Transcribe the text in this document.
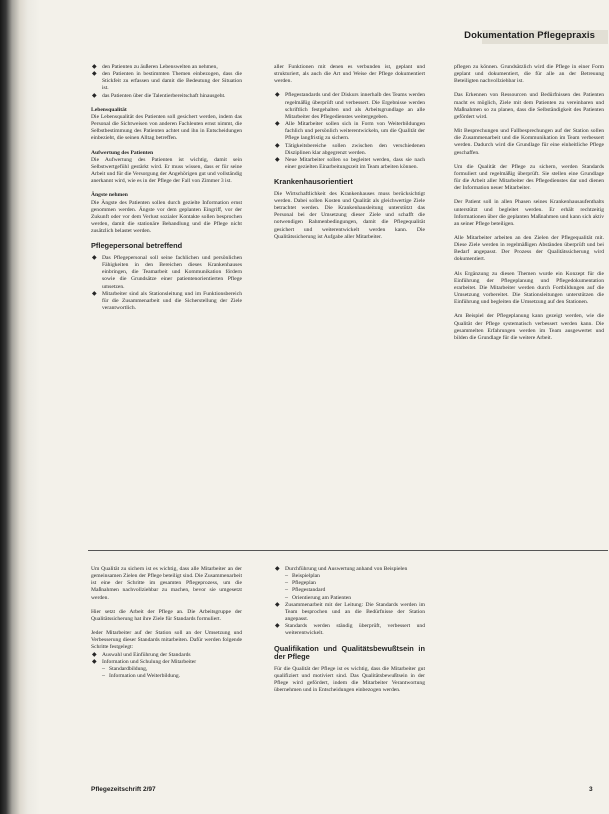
Dokumentation Pflegepraxis
◆ den Patienten zu äußeren Lebenswelten an nehmen,
◆ den Patienten in bestimmten Themen einbezogen, dass die Stickfeit zu erfassen und damit die Bedeutung der Situation ist.
◆ das Patienten über die Talentierbereitschaft hinausgeht.

Lebensqualität

Die Lebensqualität des Patienten soll gesichert werden, indem das Personal die Sichtweisen von anderen Fachleuten ernst nimmt, die Selbstbestimmung des Patienten achtet und ihn in Entscheidungen einbezieht, die seinen Alltag betreffen.

Aufwertung des Patienten

Die Aufwertung des Patienten ist wichtig, damit sein Selbstwertgefühl gestärkt wird. Er muss wissen, dass er für seine Arbeit und für die Versorgung der Angehörigen gut und vollständig anerkannt wird, wie es in der Pflege der Fall von Zimmer 3 ist.

Ängste nehmen

Die Ängste des Patienten sollen durch gezielte Information ernst genommen werden. Ängste vor dem geplanten Eingriff, vor der Zukunft oder vor dem Verlust sozialer Kontakte sollen besprochen werden, damit die stationäre Behandlung und die Pflege nicht zusätzlich belastet werden.

Pflegepersonal betreffend
◆ Das Pflegepersonal soll seine fachlichen und persönlichen Fähigkeiten in den Bereichen dieses Krankenhauses einbringen, die Teamarbeit und Kommunikation fördern sowie die Grundsätze einer patientenorientierten Pflege umsetzen.
◆ Mitarbeiter sind als Stationsleitung und im Funktionsbereich für die Zusammenarbeit und die Sicherstellung der Ziele verantwortlich.

aller Funktionen mit denen es verbunden ist, geplant und strukturiert, als auch die Art und Weise der Pflege dokumentiert werden.

◆ Pflegestandards und der Diskurs innerhalb des Teams werden regelmäßig überprüft und verbessert. Die Ergebnisse werden schriftlich festgehalten und als Arbeitsgrundlage an alle Mitarbeiter des Pflegedienstes weitergegeben.
◆ Alle Mitarbeiter sollen sich in Form von Weiterbildungen fachlich und persönlich weiterentwickeln, um die Qualität der Pflege langfristig zu sichern.
◆ Tätigkeitsbereiche sollen zwischen den verschiedenen Disziplinen klar abgegrenzt werden.
◆ Neue Mitarbeiter sollen so begleitet werden, dass sie nach einer gezielten Einarbeitungszeit im Team arbeiten können.
Krankenhausorientiert

Die Wirtschaftlichkeit des Krankenhauses muss berücksichtigt werden. Dabei sollen Kosten und Qualität als gleichwertige Ziele betrachtet werden. Die Krankenhausleitung unterstützt das Personal bei der Umsetzung dieser Ziele und schafft die notwendigen Rahmenbedingungen, damit die Pflegequalität gesichert und weiterentwickelt werden kann. Die Qualitätssicherung ist Aufgabe aller Mitarbeiter.

pflegen zu können. Grundsätzlich wird die Pflege in einer Form geplant und dokumentiert, die für alle an der Betreuung Beteiligten nachvollziehbar ist.

Das Erkennen von Ressourcen und Bedürfnissen des Patienten macht es möglich, Ziele mit dem Patienten zu vereinbaren und Maßnahmen so zu planen, dass die Selbständigkeit des Patienten gefördert wird.

Mit Besprechungen und Fallbesprechungen auf der Station sollen die Zusammenarbeit und die Kommunikation im Team verbessert werden. Dadurch wird die Grundlage für eine einheitliche Pflege geschaffen.

Um die Qualität der Pflege zu sichern, werden Standards formuliert und regelmäßig überprüft. Sie stellen eine Grundlage für die Arbeit aller Mitarbeiter des Pflegedienstes dar und dienen der Information neuer Mitarbeiter.

Der Patient soll in allen Phasen seines Krankenhausaufenthalts unterstützt und begleitet werden. Er erhält rechtzeitig Informationen über die geplanten Maßnahmen und kann sich aktiv an seiner Pflege beteiligen.

Alle Mitarbeiter arbeiten an den Zielen der Pflegequalität mit. Diese Ziele werden in regelmäßigen Abständen überprüft und bei Bedarf angepasst. Der Prozess der Qualitätssicherung wird dokumentiert.

Als Ergänzung zu diesen Themen wurde ein Konzept für die Einführung der Pflegeplanung und Pflegedokumentation erarbeitet. Die Mitarbeiter werden durch Fortbildungen auf die Umsetzung vorbereitet. Die Stationsleitungen unterstützen die Einführung und begleiten die Umsetzung auf den Stationen.

Am Beispiel der Pflegeplanung kann gezeigt werden, wie die Qualität der Pflege systematisch verbessert werden kann. Die gesammelten Erfahrungen werden im Team ausgewertet und bilden die Grundlage für die weitere Arbeit.

Um Qualität zu sichern ist es wichtig, dass alle Mitarbeiter an der gemeinsamen Zielen der Pflege beteiligt sind. Die Zusammenarbeit ist eine der Schritte im gesamten Pflegeprozess, um die Maßnahmen nachvollziehbar zu machen, bevor sie umgesetzt werden.

Hier setzt die Arbeit der Pflege an. Die Arbeitsgruppe der Qualitätssicherung hat ihre Ziele für Standards formuliert.

Jeder Mitarbeiter auf der Station soll an der Umsetzung und Verbesserung dieser Standards mitarbeiten. Dafür werden folgende Schritte festgelegt:

◆ Auswahl und Einführung der Standards
◆ Information und Schulung der Mitarbeiter
– Standardbildung,
– Information und Weiterbildung.
◆ Durchführung und Auswertung anhand von Beispielen
– Beispielplan
– Pflegeplan
– Pflegestandard
– Orientierung am Patienten
◆ Zusammenarbeit mit der Leitung: Die Standards werden im Team besprochen und an die Bedürfnisse der Station angepasst.
◆ Standards werden ständig überprüft, verbessert und weiterentwickelt.
Qualifikation und Qualitätsbewußtsein in der Pflege

Für die Qualität der Pflege ist es wichtig, dass die Mitarbeiter gut qualifiziert und motiviert sind. Das Qualitätsbewußtsein in der Pflege wird gefördert, indem die Mitarbeiter Verantwortung übernehmen und in Entscheidungen einbezogen werden.

Pflegezeitschrift 2/97	3
